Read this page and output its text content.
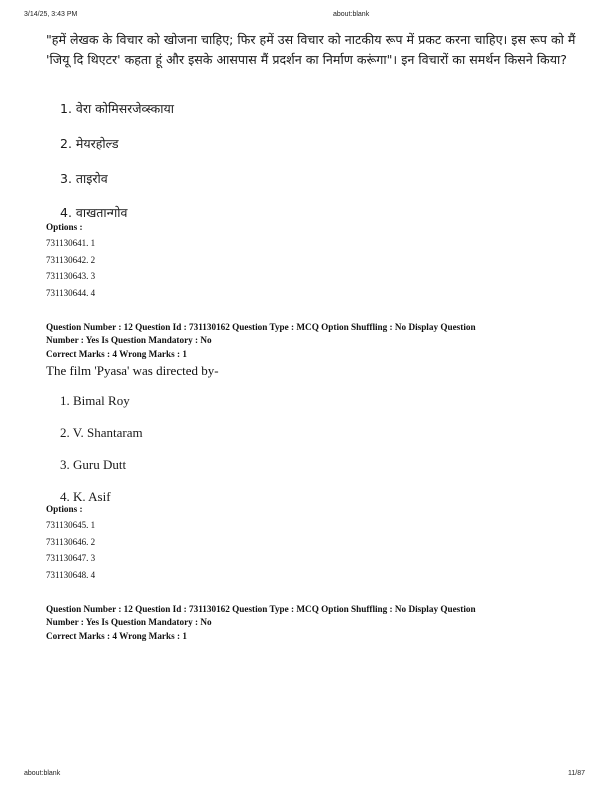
3/14/25, 3:43 PM	about:blank
"हमें लेखक के विचार को खोजना चाहिए; फिर हमें उस विचार को नाटकीय रूप में प्रकट करना चाहिए। इस रूप को मैं 'जियू दि थिएटर' कहता हूं और इसके आसपास मैं प्रदर्शन का निर्माण करूंगा"। इन विचारों का समर्थन किसने किया?
1. वेरा कोमिसरजेव्स्काया
2. मेयरहोल्ड
3. ताइरोव
4. वाखतान्गोव
Options :
731130641. 1
731130642. 2
731130643. 3
731130644. 4
Question Number : 12 Question Id : 731130162 Question Type : MCQ Option Shuffling : No Display Question
Number : Yes Is Question Mandatory : No
Correct Marks : 4 Wrong Marks : 1
The film 'Pyasa' was directed by-
1. Bimal Roy
2. V. Shantaram
3. Guru Dutt
4. K. Asif
Options :
731130645. 1
731130646. 2
731130647. 3
731130648. 4
Question Number : 12 Question Id : 731130162 Question Type : MCQ Option Shuffling : No Display Question
Number : Yes Is Question Mandatory : No
Correct Marks : 4 Wrong Marks : 1
about:blank	11/87
